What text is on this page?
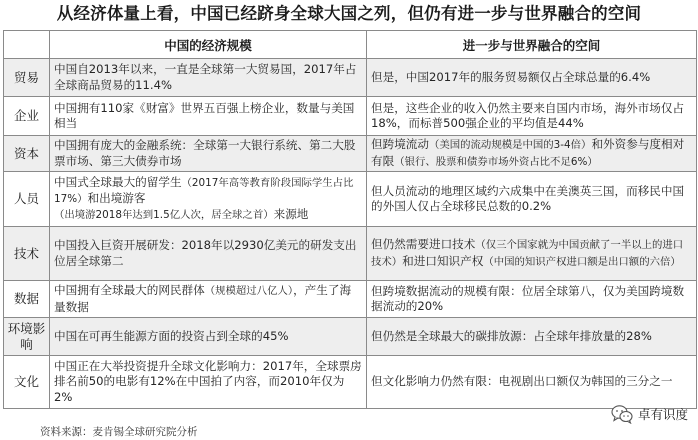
从经济体量上看，中国已经跻身全球大国之列，但仍有进一步与世界融合的空间
	中国的经济规模	进一步与世界融合的空间
贸易	中国自2013年以来，一直是全球第一大贸易国，2017年占全球商品贸易的11.4%	但是，中国2017年的服务贸易额仅占全球总量的6.4%
企业	中国拥有110家《财富》世界五百强上榜企业，数量与美国相当	但是，这些企业的收入仍然主要来自国内市场，海外市场仅占18%，而标普500强企业的平均值是44%
资本	中国拥有庞大的金融系统：全球第一大银行系统、第二大股票市场、第三大债券市场	但跨境流动（美国的流动规模是中国的3-4倍）和外资参与度相对有限（银行、股票和债券市场外资占比不足6%）
人员	中国式全球最大的留学生（2017年高等教育阶段国际学生占比17%）和出境游客（出境游2018年达到1.5亿人次，居全球之首）来源地	但人员流动的地理区域约六成集中在美澳英三国，而移民中国的外国人仅占全球移民总数的0.2%
技术	中国投入巨资开展研发：2018年以2930亿美元的研发支出位居全球第二	但仍然需要进口技术（仅三个国家就为中国贡献了一半以上的进口技术）和进口知识产权（中国的知识产权进口额是出口额的六倍）
数据	中国拥有全球最大的网民群体（规模超过八亿人），产生了海量数据	但跨境数据流动的规模有限：位居全球第八，仅为美国跨境数据流动的20%
环境影响	中国在可再生能源方面的投资占到全球的45%	但仍然是全球最大的碳排放源：占全球年排放量的28%
文化	中国正在大举投资提升全球文化影响力：2017年，全球票房排名前50的电影有12%在中国拍了内容，而2010年仅为2%	但文化影响力仍然有限：电视剧出口额仅为韩国的三分之一
资料来源：麦肯锡全球研究院分析
卓有识度
